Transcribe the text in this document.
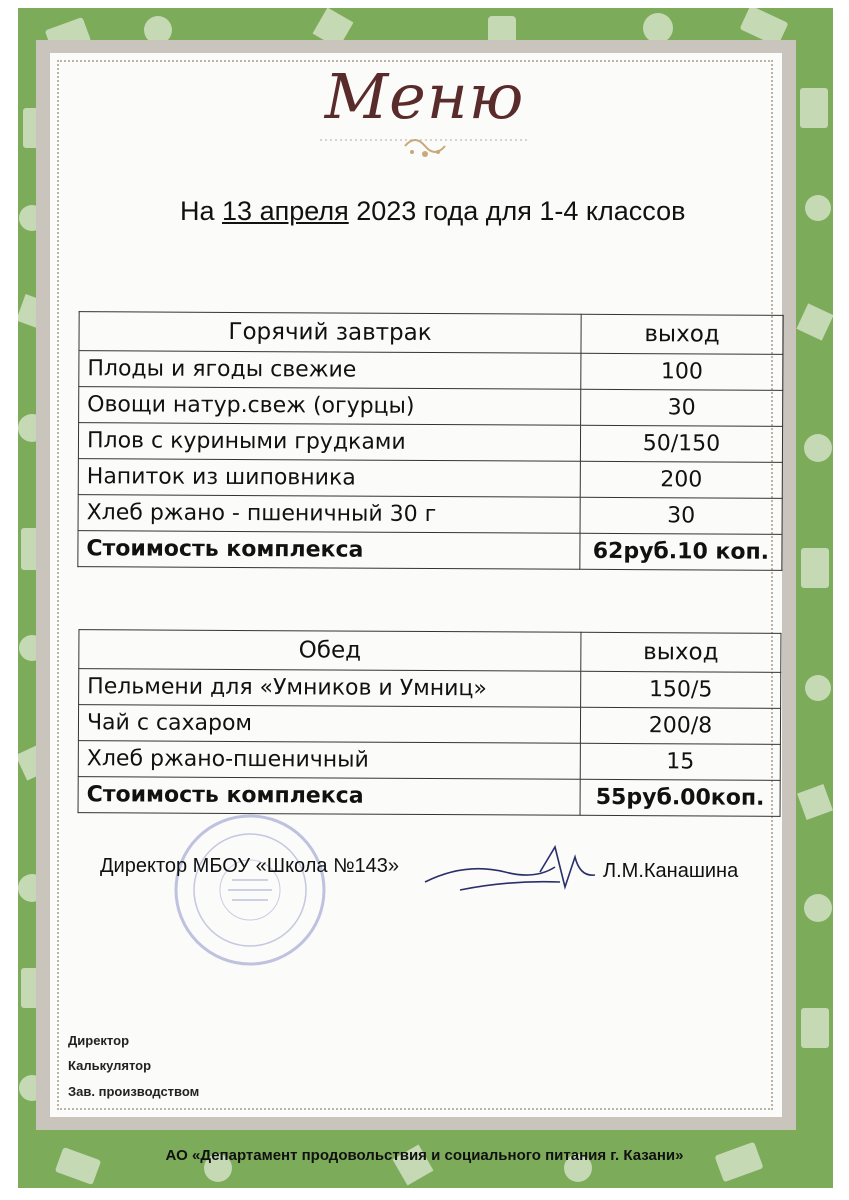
Меню
На 13 апреля 2023 года для 1-4 классов
Горячий завтрак	выход
Плоды и ягоды свежие	100
Овощи натур.свеж (огурцы)	30
Плов с куриными грудками	50/150
Напиток из шиповника	200
Хлеб ржано - пшеничный 30 г	30
Стоимость комплекса	62руб.10 коп.
Обед	выход
Пельмени для «Умников и Умниц»	150/5
Чай с сахаром	200/8
Хлеб ржано-пшеничный	15
Стоимость комплекса	55руб.00коп.
Директор МБОУ «Школа №143»	Л.М.Канашина
Директор
Калькулятор
Зав. производством
АО «Департамент продовольствия и социального питания г. Казани»
